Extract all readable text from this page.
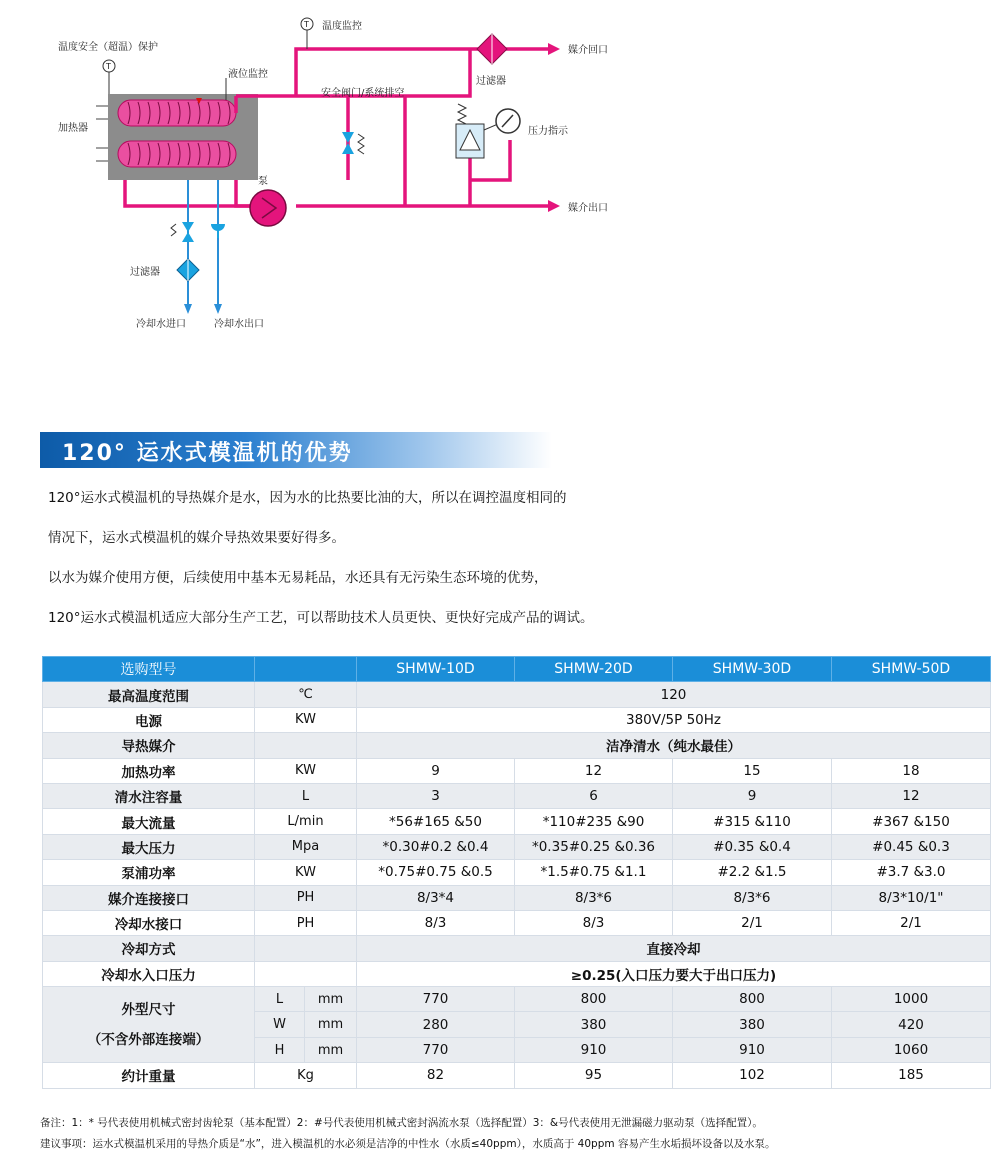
T
T
温度安全（超温）保护
温度监控
媒介回口
液位监控
加热器
安全阀门/系统排空
过滤器
压力指示
泵
媒介出口
过滤器
冷却水进口	冷却水出口
120° 运水式模温机的优势
120°运水式模温机的导热媒介是水，因为水的比热要比油的大，所以在调控温度相同的
情况下，运水式模温机的媒介导热效果要好得多。
以水为媒介使用方便，后续使用中基本无易耗品，水还具有无污染生态环境的优势，
120°运水式模温机适应大部分生产工艺，可以帮助技术人员更快、更快好完成产品的调试。
选购型号			SHMW-10D	SHMW-20D	SHMW-30D	SHMW-50D
最高温度范围	℃		120			
电源	KW		380V/5P 50Hz			
导热媒介			洁净清水（纯水最佳）			
加热功率	KW		9	12	15	18
清水注容量	L		3	6	9	12
最大流量	L/min		*56#165 &50	*110#235 &90	#315 &110	#367 &150
最大压力	Mpa		*0.30#0.2 &0.4	*0.35#0.25 &0.36	#0.35 &0.4	#0.45 &0.3
泵浦功率	KW		*0.75#0.75 &0.5	*1.5#0.75 &1.1	#2.2 &1.5	#3.7 &3.0
媒介连接接口	PH		8/3*4	8/3*6	8/3*6	8/3*10/1"
冷却水接口	PH		8/3	8/3	2/1	2/1
冷却方式			直接冷却			
冷却水入口压力			≥0.25(入口压力要大于出口压力)			

外型尺寸
（不含外部连接端）	L	mm	770	800	800	1000
	W	mm	280	380	380	420
	H	mm	770	910	910	1060
约计重量	Kg		82	95	102	185
备注：1：* 号代表使用机械式密封齿轮泵（基本配置）2：#号代表使用机械式密封涡流水泵（选择配置）3：&号代表使用无泄漏磁力驱动泵（选择配置）。
建议事项：运水式模温机采用的导热介质是“水”，进入模温机的水必须是洁净的中性水（水质≤40ppm），水质高于 40ppm 容易产生水垢损坏设备以及水泵。
